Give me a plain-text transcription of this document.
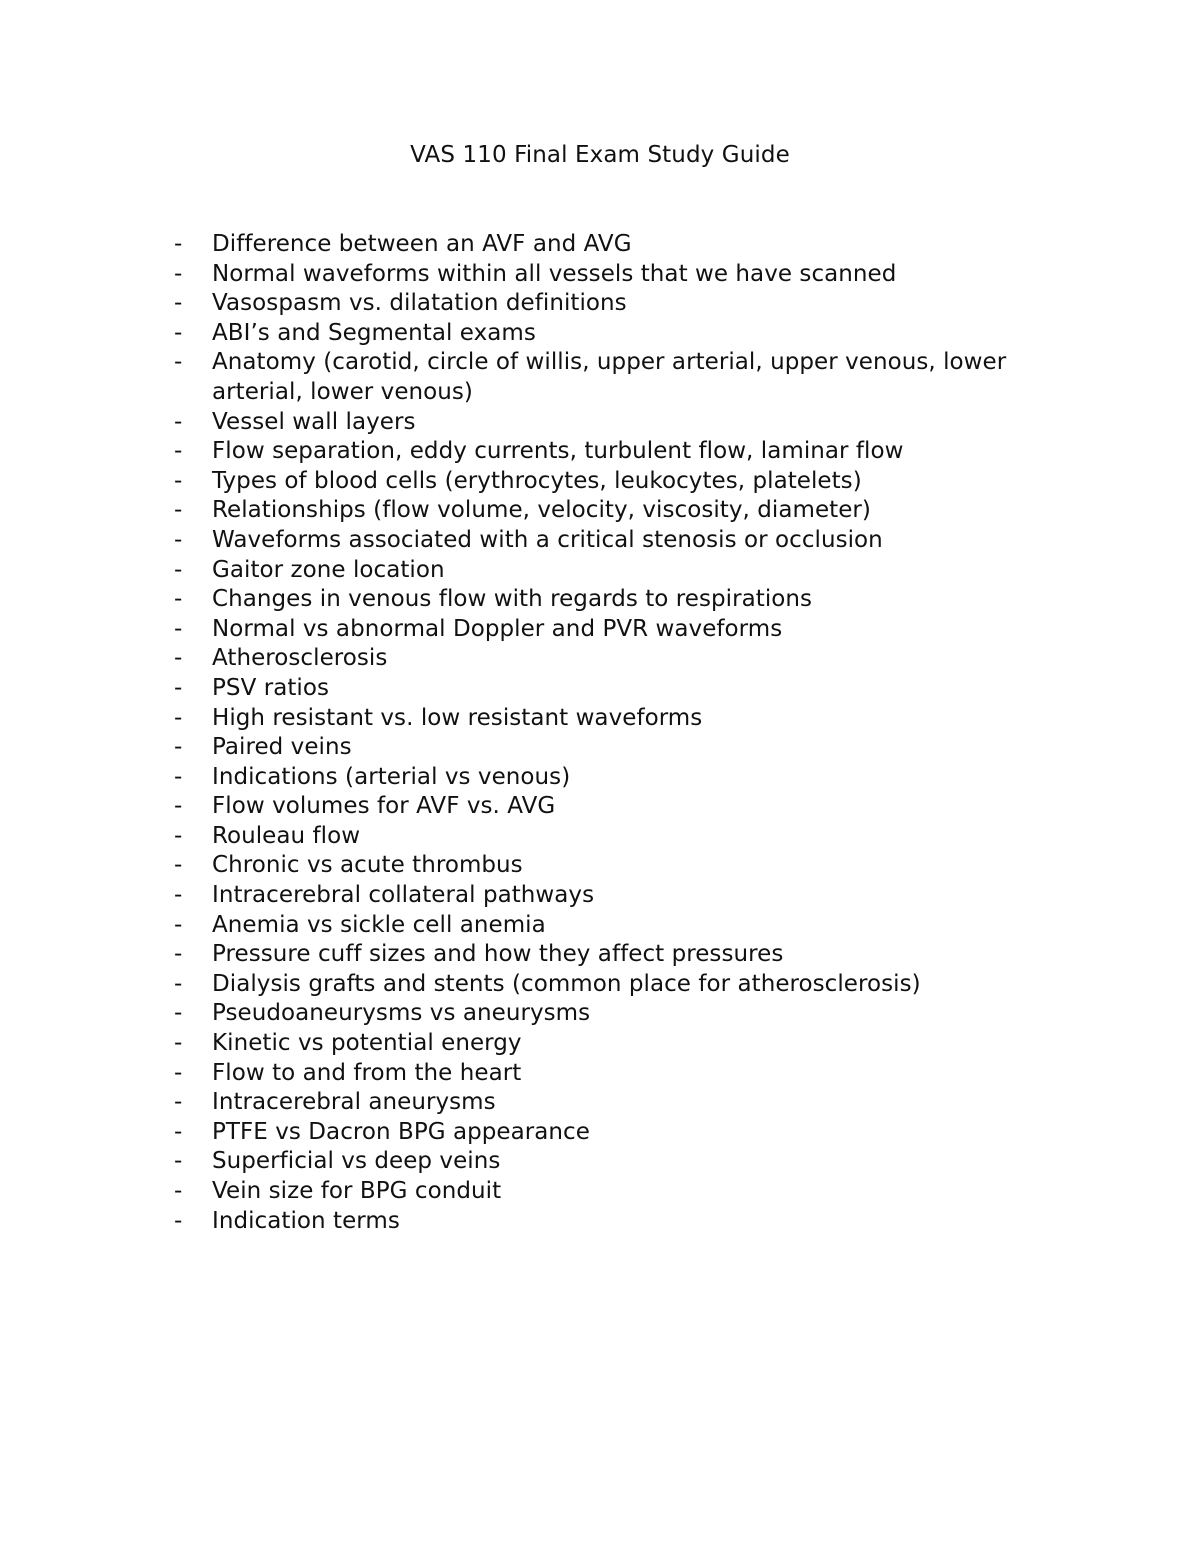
VAS 110 Final Exam Study Guide
-	Difference between an AVF and AVG
-	Normal waveforms within all vessels that we have scanned
-	Vasospasm vs. dilatation definitions
-	ABI’s and Segmental exams
-	Anatomy (carotid, circle of willis, upper arterial, upper venous, lower arterial, lower venous)
-	Vessel wall layers
-	Flow separation, eddy currents, turbulent flow, laminar flow
-	Types of blood cells (erythrocytes, leukocytes, platelets)
-	Relationships (flow volume, velocity, viscosity, diameter)
-	Waveforms associated with a critical stenosis or occlusion
-	Gaitor zone location
-	Changes in venous flow with regards to respirations
-	Normal vs abnormal Doppler and PVR waveforms
-	Atherosclerosis
-	PSV ratios
-	High resistant vs. low resistant waveforms
-	Paired veins
-	Indications (arterial vs venous)
-	Flow volumes for AVF vs. AVG
-	Rouleau flow
-	Chronic vs acute thrombus
-	Intracerebral collateral pathways
-	Anemia vs sickle cell anemia
-	Pressure cuff sizes and how they affect pressures
-	Dialysis grafts and stents (common place for atherosclerosis)
-	Pseudoaneurysms vs aneurysms
-	Kinetic vs potential energy
-	Flow to and from the heart
-	Intracerebral aneurysms
-	PTFE vs Dacron BPG appearance
-	Superficial vs deep veins
-	Vein size for BPG conduit
-	Indication terms
